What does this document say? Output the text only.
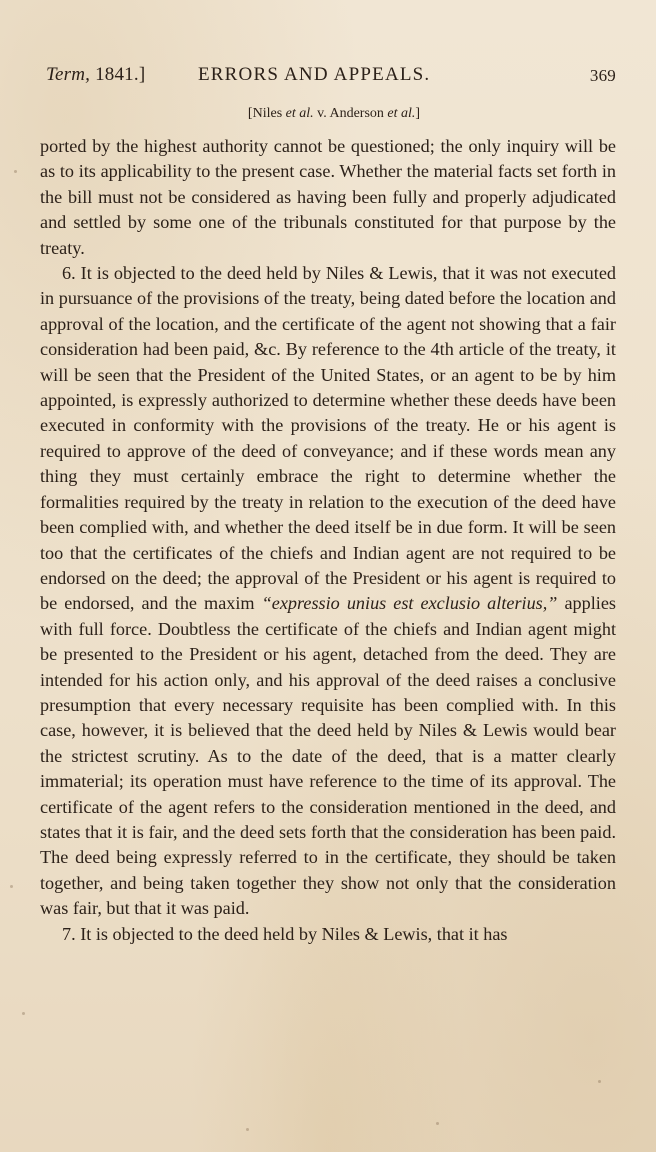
Term, 1841.]	ERRORS AND APPEALS.	369
[Niles et al. v. Anderson et al.]

ported by the highest authority cannot be questioned; the only inquiry will be as to its applicability to the present case. Whether the material facts set forth in the bill must not be considered as having been fully and properly adjudicated and settled by some one of the tribunals constituted for that purpose by the treaty.

6. It is objected to the deed held by Niles & Lewis, that it was not executed in pursuance of the provisions of the treaty, being dated before the location and approval of the location, and the certificate of the agent not showing that a fair consideration had been paid, &c. By reference to the 4th article of the treaty, it will be seen that the President of the United States, or an agent to be by him appointed, is expressly authorized to determine whether these deeds have been executed in conformity with the provisions of the treaty. He or his agent is required to approve of the deed of conveyance; and if these words mean any thing they must certainly embrace the right to determine whether the formalities required by the treaty in relation to the execution of the deed have been complied with, and whether the deed itself be in due form. It will be seen too that the certificates of the chiefs and Indian agent are not required to be endorsed on the deed; the approval of the President or his agent is required to be endorsed, and the maxim “expressio unius est exclusio alterius,” applies with full force. Doubtless the certificate of the chiefs and Indian agent might be presented to the President or his agent, detached from the deed. They are intended for his action only, and his approval of the deed raises a conclusive presumption that every necessary requisite has been complied with. In this case, however, it is believed that the deed held by Niles & Lewis would bear the strictest scrutiny. As to the date of the deed, that is a matter clearly immaterial; its operation must have reference to the time of its approval. The certificate of the agent refers to the consideration mentioned in the deed, and states that it is fair, and the deed sets forth that the consideration has been paid. The deed being expressly referred to in the certificate, they should be taken together, and being taken together they show not only that the consideration was fair, but that it was paid.

7. It is objected to the deed held by Niles & Lewis, that it has
